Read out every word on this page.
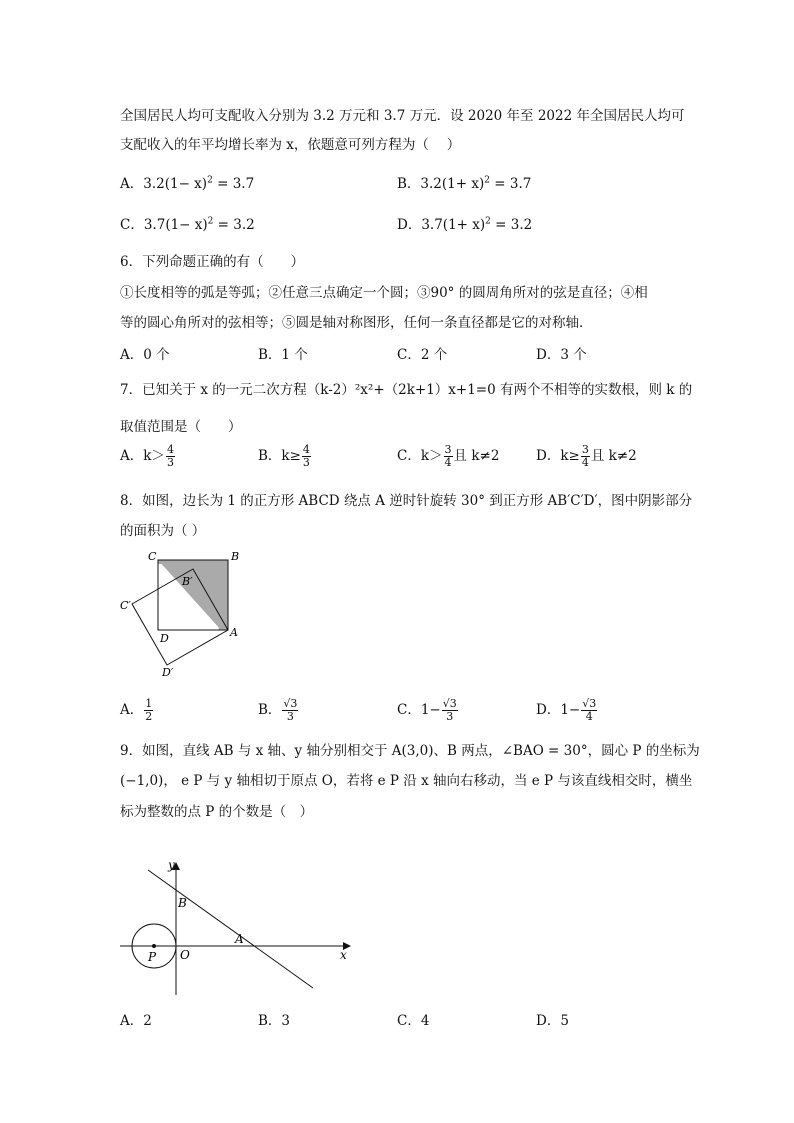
全国居民人均可支配收入分别为 3.2 万元和 3.7 万元．设 2020 年至 2022 年全国居民人均可
支配收入的年平均增长率为 x，依题意可列方程为（　 ）
A．$3.2(1- x)^2 = 3.7$	B．$3.2(1+ x)^2 = 3.7$
C．$3.7(1- x)^2 = 3.2$	D．$3.7(1+ x)^2 = 3.2$
6．下列命题正确的有（　　）
①长度相等的弧是等弧；②任意三点确定一个圆；③90° 的圆周角所对的弦是直径；④相
等的圆心角所对的弦相等；⑤圆是轴对称图形，任何一条直径都是它的对称轴．
A．0 个	B．1 个	C．2 个	D．3 个
7．已知关于 x 的一元二次方程（k-2）²x²+（2k+1）x+1=0 有两个不相等的实数根，则 k 的
取值范围是（　　）
A．$k> \frac{4}{3}$	B．$k\ge \frac{4}{3}$	C．$k> \frac{3}{4}$ 且 k≠2	D．$k\ge \frac{3}{4}$ 且 k≠2
8．如图，边长为 1 的正方形 ABCD 绕点 A 逆时针旋转 30° 到正方形 AB′C′D′，图中阴影部分
的面积为（ ）
C	B
B′
C′
D	A
D′
A． $\frac{1}{2}$	B． $\frac{√3}{3}$	C．$1- \frac{√3}{3}$	D．$1- \frac{√3}{4}$
9．如图，直线 AB 与 x 轴、y 轴分别相交于 A(3,0)、B 两点，∠BAO = 30°，圆心 P 的坐标为
(−1,0)， e P 与 y 轴相切于原点 O，若将 e P 沿 x 轴向右移动，当 e P 与该直线相交时，横坐
标为整数的点 P 的个数是（　）
y
x
B
A
O
P
A．2	B．3	C．4	D．5
